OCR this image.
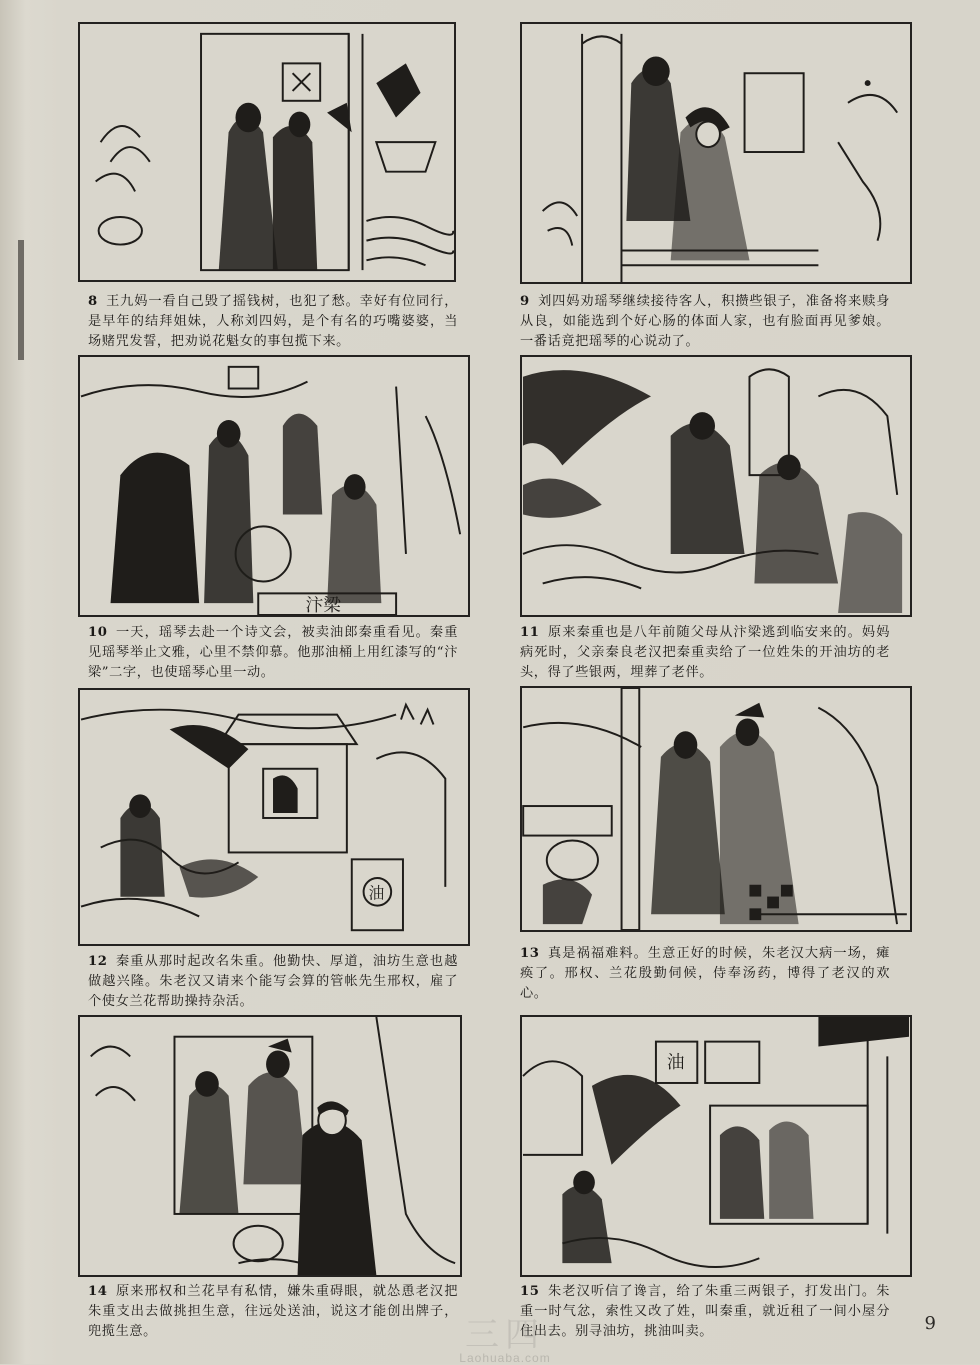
8 王九妈一看自己毁了摇钱树，也犯了愁。幸好有位同行，是早年的结拜姐妹，人称刘四妈，是个有名的巧嘴婆婆，当场赌咒发誓，把劝说花魁女的事包揽下来。
9 刘四妈劝瑶琴继续接待客人，积攒些银子，准备将来赎身从良，如能选到个好心肠的体面人家，也有脸面再见爹娘。一番话竟把瑶琴的心说动了。
汴梁
10 一天，瑶琴去赴一个诗文会，被卖油郎秦重看见。秦重见瑶琴举止文雅，心里不禁仰慕。他那油桶上用红漆写的“汴梁”二字，也使瑶琴心里一动。
11 原来秦重也是八年前随父母从汴梁逃到临安来的。妈妈病死时，父亲秦良老汉把秦重卖给了一位姓朱的开油坊的老头，得了些银两，埋葬了老伴。
油
12 秦重从那时起改名朱重。他勤快、厚道，油坊生意也越做越兴隆。朱老汉又请来个能写会算的管帐先生邢权，雇了个使女兰花帮助操持杂活。
13 真是祸福难料。生意正好的时候，朱老汉大病一场，瘫痪了。邢权、兰花殷勤伺候，侍奉汤药，博得了老汉的欢心。
14 原来邢权和兰花早有私情，嫌朱重碍眼，就怂恿老汉把朱重支出去做挑担生意，往远处送油，说这才能创出牌子，兜揽生意。
油
15 朱老汉听信了谗言，给了朱重三两银子，打发出门。朱重一时气忿，索性又改了姓，叫秦重，就近租了一间小屋分住出去。别寻油坊，挑油叫卖。
三四
Laohuaba.com
9
